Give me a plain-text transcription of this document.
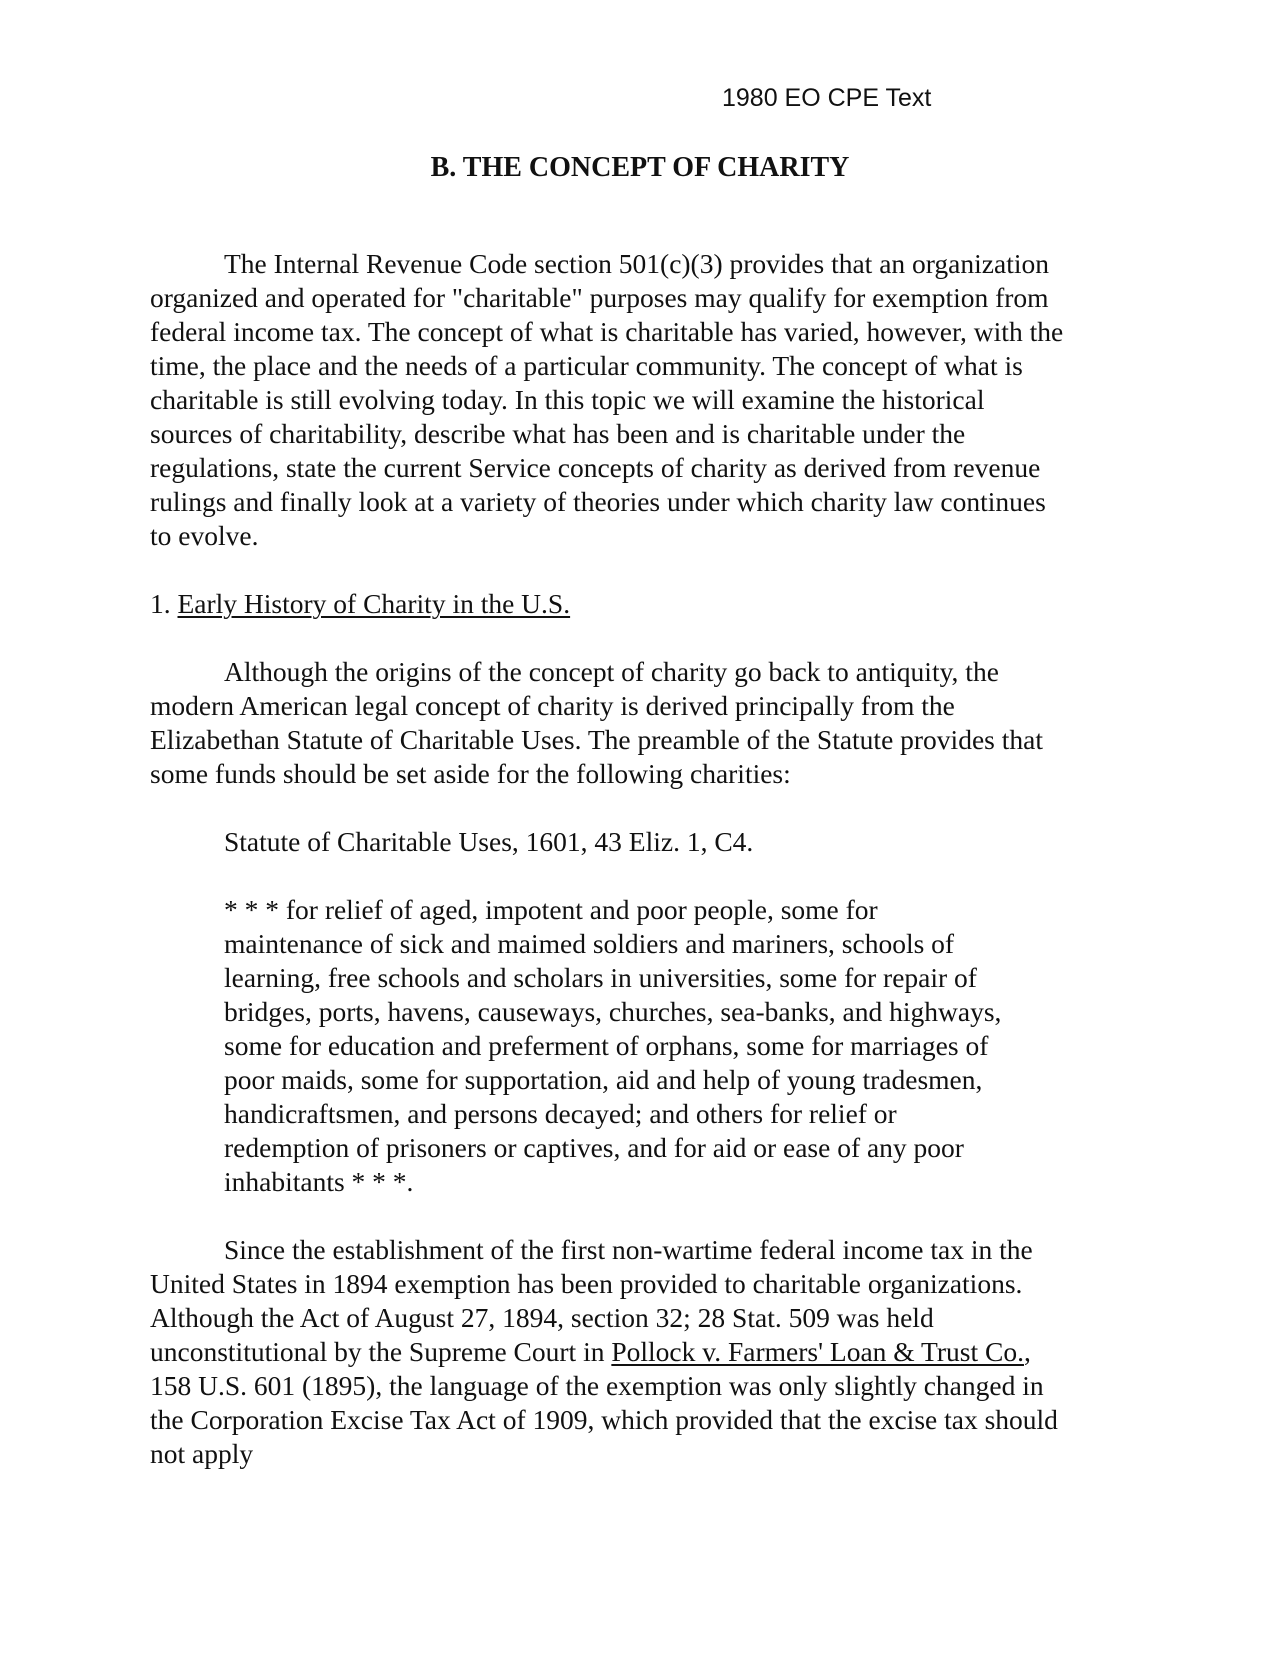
1980 EO CPE Text
B. THE CONCEPT OF CHARITY
The Internal Revenue Code section 501(c)(3) provides that an organization
organized and operated for "charitable" purposes may qualify for exemption from
federal income tax. The concept of what is charitable has varied, however, with the
time, the place and the needs of a particular community. The concept of what is
charitable is still evolving today. In this topic we will examine the historical
sources of charitability, describe what has been and is charitable under the
regulations, state the current Service concepts of charity as derived from revenue
rulings and finally look at a variety of theories under which charity law continues
to evolve.
1. Early History of Charity in the U.S.
Although the origins of the concept of charity go back to antiquity, the
modern American legal concept of charity is derived principally from the
Elizabethan Statute of Charitable Uses. The preamble of the Statute provides that
some funds should be set aside for the following charities:
Statute of Charitable Uses, 1601, 43 Eliz. 1, C4.
* * * for relief of aged, impotent and poor people, some for
maintenance of sick and maimed soldiers and mariners, schools of
learning, free schools and scholars in universities, some for repair of
bridges, ports, havens, causeways, churches, sea-banks, and highways,
some for education and preferment of orphans, some for marriages of
poor maids, some for supportation, aid and help of young tradesmen,
handicraftsmen, and persons decayed; and others for relief or
redemption of prisoners or captives, and for aid or ease of any poor
inhabitants * * *.
Since the establishment of the first non-wartime federal income tax in the
United States in 1894 exemption has been provided to charitable organizations.
Although the Act of August 27, 1894, section 32; 28 Stat. 509 was held
unconstitutional by the Supreme Court in Pollock v. Farmers' Loan & Trust Co.,
158 U.S. 601 (1895), the language of the exemption was only slightly changed in
the Corporation Excise Tax Act of 1909, which provided that the excise tax should
not apply
